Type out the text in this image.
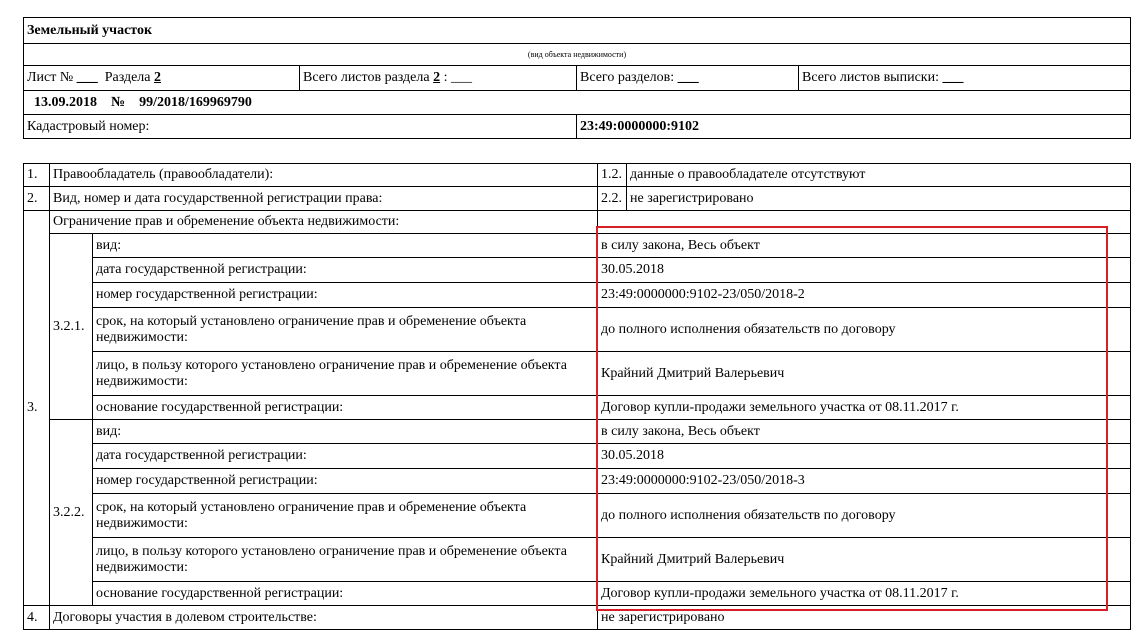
Земельный участок			
(вид объекта недвижимости)			
Лист № ___ Раздела 2	Всего листов раздела 2 : ___	Всего разделов: ___	Всего листов выписки: ___
13.09.2018 № 99/2018/169969790			
Кадастровый номер:		23:49:0000000:9102	
1.	Правообладатель (правообладатели):		1.2.	данные о правообладателе отсутствуют
2.	Вид, номер и дата государственной регистрации права:		2.2.	не зарегистрировано
3.	Ограничение прав и обременение объекта недвижимости:			
	3.2.1.	вид:	в силу закона, Весь объект	
		дата государственной регистрации:	30.05.2018	
		номер государственной регистрации:	23:49:0000000:9102-23/050/2018-2	
		срок, на который установлено ограничение прав и обременение объекта недвижимости:	до полного исполнения обязательств по договору	
		лицо, в пользу которого установлено ограничение прав и обременение объекта недвижимости:	Крайний Дмитрий Валерьевич	
		основание государственной регистрации:	Договор купли-продажи земельного участка от 08.11.2017 г.	
	3.2.2.	вид:	в силу закона, Весь объект	
		дата государственной регистрации:	30.05.2018	
		номер государственной регистрации:	23:49:0000000:9102-23/050/2018-3	
		срок, на который установлено ограничение прав и обременение объекта недвижимости:	до полного исполнения обязательств по договору	
		лицо, в пользу которого установлено ограничение прав и обременение объекта недвижимости:	Крайний Дмитрий Валерьевич	
		основание государственной регистрации:	Договор купли-продажи земельного участка от 08.11.2017 г.	
4.	Договоры участия в долевом строительстве:		не зарегистрировано	
